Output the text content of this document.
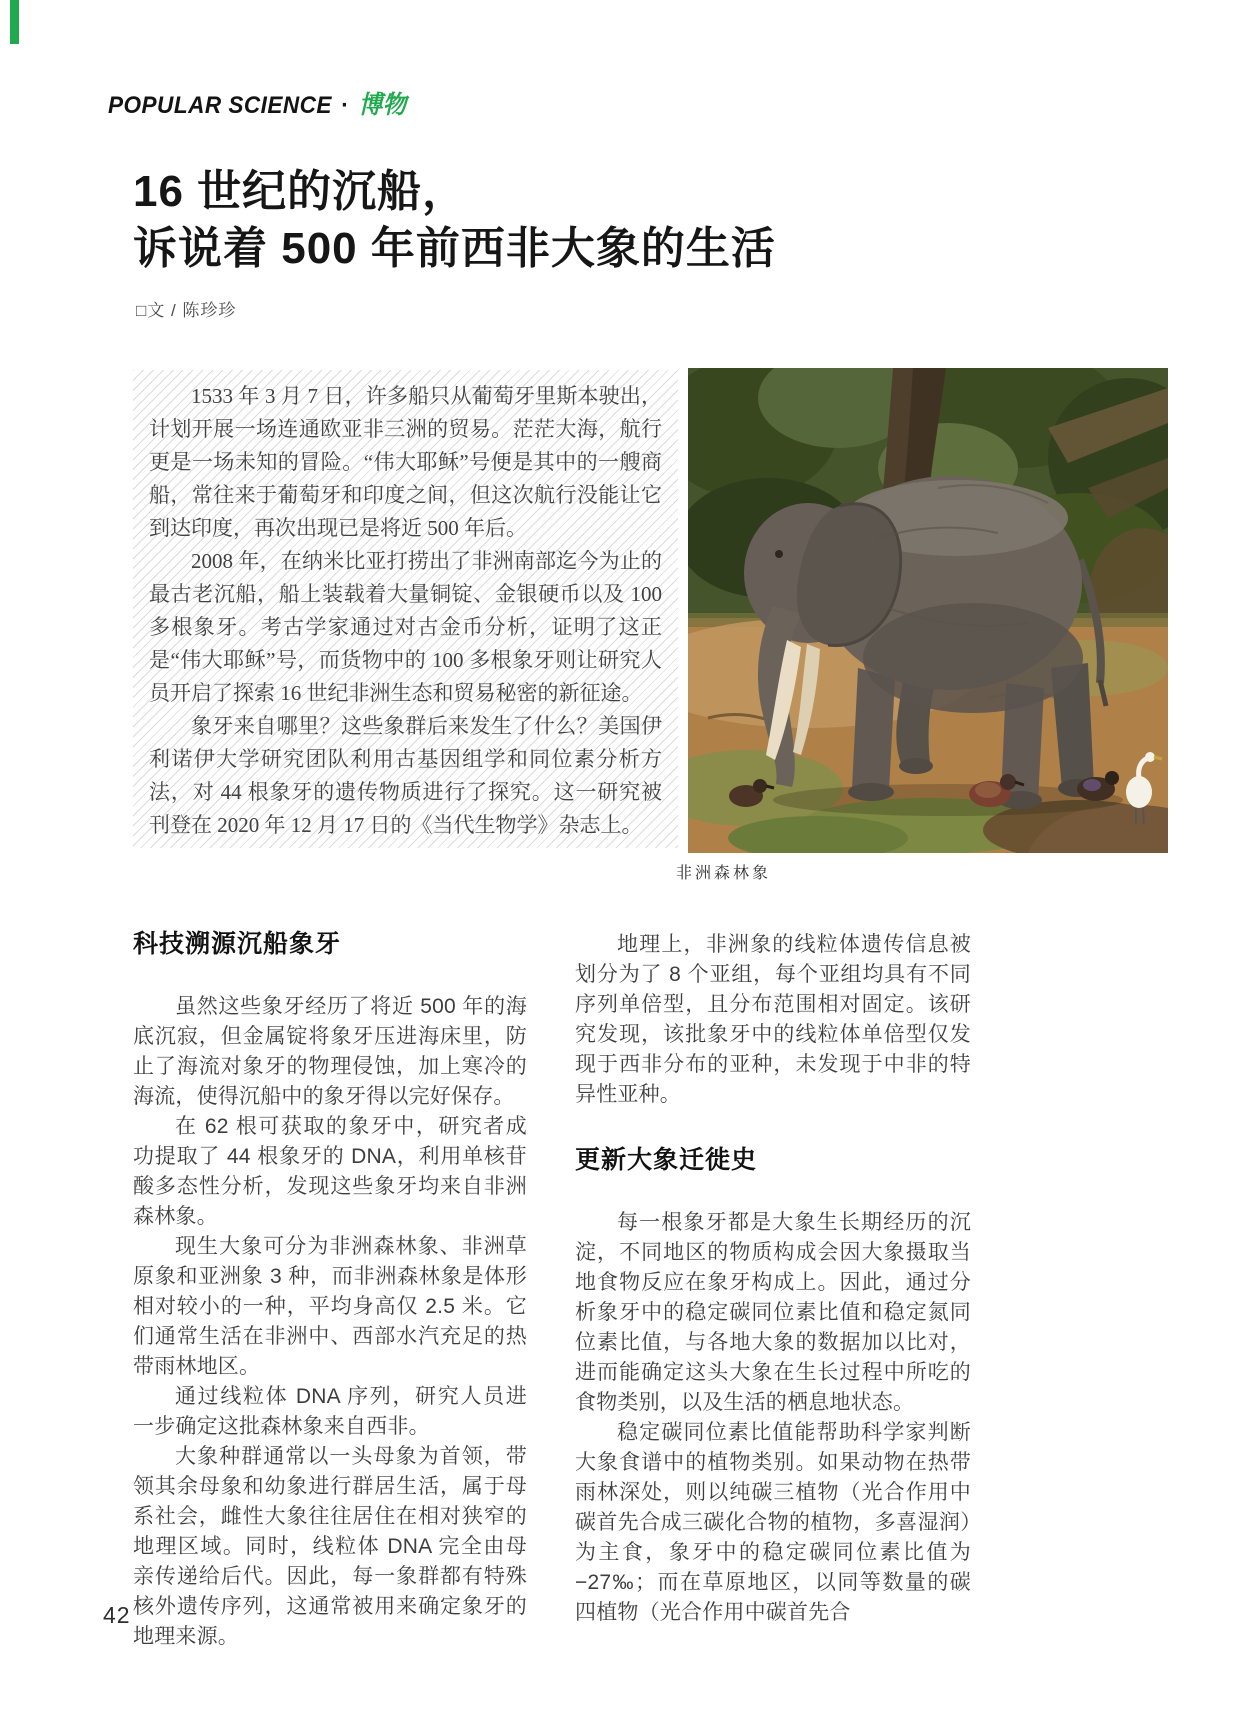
POPULAR SCIENCE · 博物
16 世纪的沉船，
诉说着 500 年前西非大象的生活
□文 / 陈珍珍

1533 年 3 月 7 日，许多船只从葡萄牙里斯本驶出，计划开展一场连通欧亚非三洲的贸易。茫茫大海，航行更是一场未知的冒险。“伟大耶稣”号便是其中的一艘商船，常往来于葡萄牙和印度之间，但这次航行没能让它到达印度，再次出现已是将近 500 年后。

2008 年，在纳米比亚打捞出了非洲南部迄今为止的最古老沉船，船上装载着大量铜锭、金银硬币以及 100 多根象牙。考古学家通过对古金币分析，证明了这正是“伟大耶稣”号，而货物中的 100 多根象牙则让研究人员开启了探索 16 世纪非洲生态和贸易秘密的新征途。

象牙来自哪里？这些象群后来发生了什么？美国伊利诺伊大学研究团队利用古基因组学和同位素分析方法，对 44 根象牙的遗传物质进行了探究。这一研究被刊登在 2020 年 12 月 17 日的《当代生物学》杂志上。

非洲森林象
科技溯源沉船象牙

虽然这些象牙经历了将近 500 年的海底沉寂，但金属锭将象牙压进海床里，防止了海流对象牙的物理侵蚀，加上寒冷的海流，使得沉船中的象牙得以完好保存。

在 62 根可获取的象牙中，研究者成功提取了 44 根象牙的 DNA，利用单核苷酸多态性分析，发现这些象牙均来自非洲森林象。

现生大象可分为非洲森林象、非洲草原象和亚洲象 3 种，而非洲森林象是体形相对较小的一种，平均身高仅 2.5 米。它们通常生活在非洲中、西部水汽充足的热带雨林地区。

通过线粒体 DNA 序列，研究人员进一步确定这批森林象来自西非。

大象种群通常以一头母象为首领，带领其余母象和幼象进行群居生活，属于母系社会，雌性大象往往居住在相对狭窄的地理区域。同时，线粒体 DNA 完全由母亲传递给后代。因此，每一象群都有特殊核外遗传序列，这通常被用来确定象牙的地理来源。

地理上，非洲象的线粒体遗传信息被划分为了 8 个亚组，每个亚组均具有不同序列单倍型，且分布范围相对固定。该研究发现，该批象牙中的线粒体单倍型仅发现于西非分布的亚种，未发现于中非的特异性亚种。

更新大象迁徙史

每一根象牙都是大象生长期经历的沉淀，不同地区的物质构成会因大象摄取当地食物反应在象牙构成上。因此，通过分析象牙中的稳定碳同位素比值和稳定氮同位素比值，与各地大象的数据加以比对，进而能确定这头大象在生长过程中所吃的食物类别，以及生活的栖息地状态。

稳定碳同位素比值能帮助科学家判断大象食谱中的植物类别。如果动物在热带雨林深处，则以纯碳三植物（光合作用中碳首先合成三碳化合物的植物，多喜湿润）为主食，象牙中的稳定碳同位素比值为 −27‰；而在草原地区，以同等数量的碳四植物（光合作用中碳首先合

42
